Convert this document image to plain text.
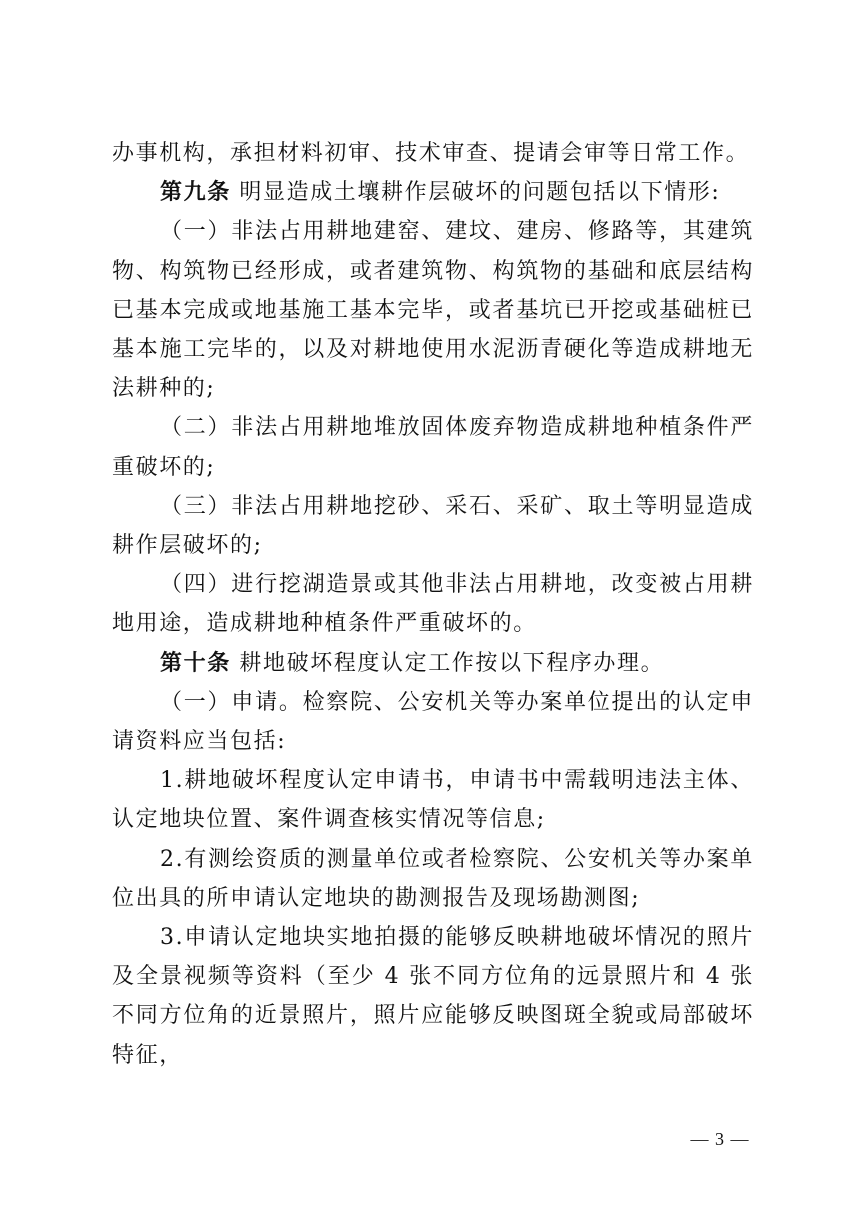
办事机构，承担材料初审、技术审查、提请会审等日常工作。

第九条 明显造成土壤耕作层破坏的问题包括以下情形:

（一）非法占用耕地建窑、建坟、建房、修路等，其建筑物、构筑物已经形成，或者建筑物、构筑物的基础和底层结构已基本完成或地基施工基本完毕，或者基坑已开挖或基础桩已基本施工完毕的，以及对耕地使用水泥沥青硬化等造成耕地无法耕种的;

（二）非法占用耕地堆放固体废弃物造成耕地种植条件严重破坏的;

（三）非法占用耕地挖砂、采石、采矿、取土等明显造成耕作层破坏的;

（四）进行挖湖造景或其他非法占用耕地，改变被占用耕地用途，造成耕地种植条件严重破坏的。

第十条 耕地破坏程度认定工作按以下程序办理。

（一）申请。检察院、公安机关等办案单位提出的认定申请资料应当包括:

1.耕地破坏程度认定申请书，申请书中需载明违法主体、认定地块位置、案件调查核实情况等信息;

2.有测绘资质的测量单位或者检察院、公安机关等办案单位出具的所申请认定地块的勘测报告及现场勘测图;

3.申请认定地块实地拍摄的能够反映耕地破坏情况的照片及全景视频等资料（至少 4 张不同方位角的远景照片和 4 张不同方位角的近景照片，照片应能够反映图斑全貌或局部破坏特征，

— 3 —
